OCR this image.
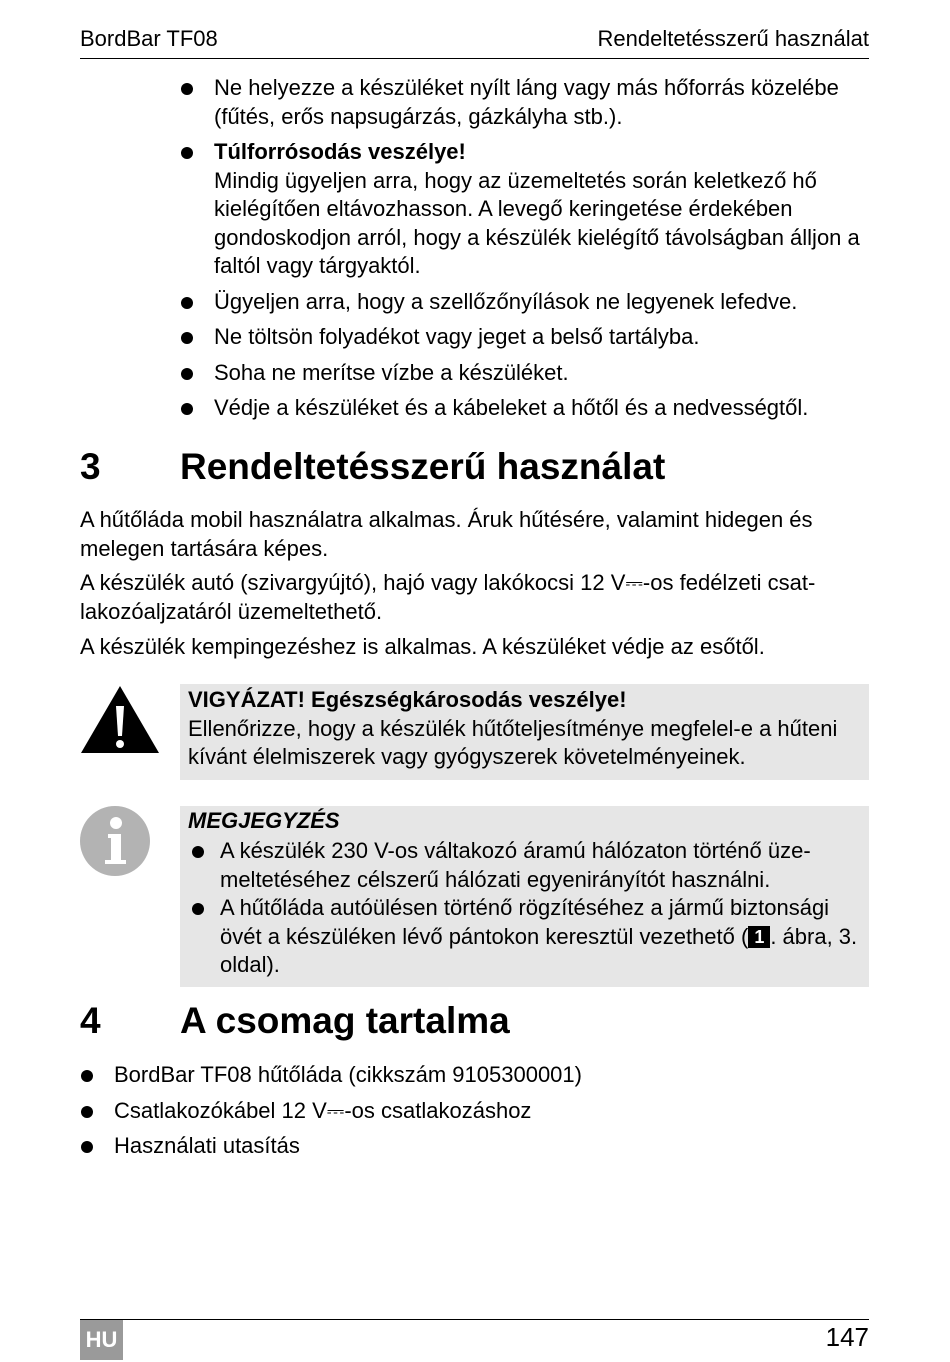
BordBar TF08	Rendeltetésszerű használat
Ne helyezze a készüléket nyílt láng vagy más hőforrás közelébe (fűtés, erős napsugárzás, gázkályha stb.).
Túlforrósodás veszélye!
Mindig ügyeljen arra, hogy az üzemeltetés során keletkező hő kielégítően eltávozhasson. A levegő keringetése érdekében gondoskodjon arról, hogy a készülék kielégítő távolságban álljon a faltól vagy tárgyaktól.
Ügyeljen arra, hogy a szellőzőnyílások ne legyenek lefedve.
Ne töltsön folyadékot vagy jeget a belső tartályba.
Soha ne merítse vízbe a készüléket.
Védje a készüléket és a kábeleket a hőtől és a nedvességtől.
3 Rendeltetésszerű használat
A hűtőláda mobil használatra alkalmas. Áruk hűtésére, valamint hidegen és melegen tartására képes.
A készülék autó (szivargyújtó), hajó vagy lakókocsi 12 V⎓-os fedélzeti csatlakozóaljzatáról üzemeltethető.
A készülék kempingezéshez is alkalmas. A készüléket védje az esőtől.
VIGYÁZAT! Egészségkárosodás veszélye!
Ellenőrizze, hogy a készülék hűtőteljesítménye megfelel-e a hűteni kívánt élelmiszerek vagy gyógyszerek követelményeinek.
MEGJEGYZÉS
A készülék 230 V-os váltakozó áramú hálózaton történő üzemeltetéséhez célszerű hálózati egyenirányítót használni.
A hűtőláda autóülésen történő rögzítéséhez a jármű biztonsági övét a készüléken lévő pántokon keresztül vezethető ( 1 . ábra, 3. oldal).
4 A csomag tartalma
BordBar TF08 hűtőláda (cikkszám 9105300001)
Csatlakozókábel 12 V⎓-os csatlakozáshoz
Használati utasítás
HU	147
